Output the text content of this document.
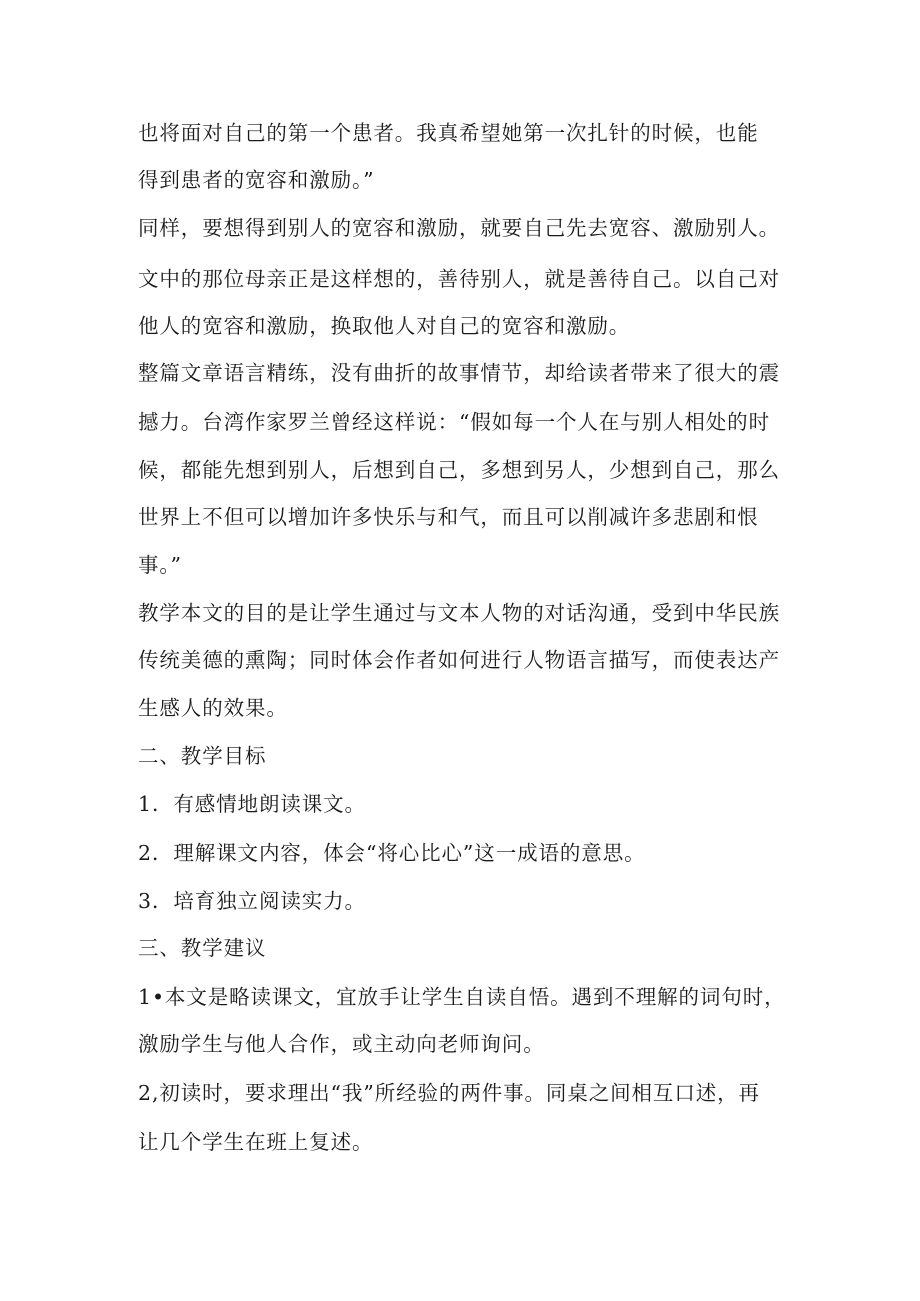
也将面对自己的第一个患者。我真希望她第一次扎针的时候，也能
得到患者的宽容和激励。”
同样，要想得到别人的宽容和激励，就要自己先去宽容、激励别人。
文中的那位母亲正是这样想的，善待别人，就是善待自己。以自己对
他人的宽容和激励，换取他人对自己的宽容和激励。
整篇文章语言精练，没有曲折的故事情节，却给读者带来了很大的震
撼力。台湾作家罗兰曾经这样说：“假如每一个人在与别人相处的时
候，都能先想到别人，后想到自己，多想到另人，少想到自己，那么
世界上不但可以增加许多快乐与和气，而且可以削减许多悲剧和恨
事。”
教学本文的目的是让学生通过与文本人物的对话沟通，受到中华民族
传统美德的熏陶；同时体会作者如何进行人物语言描写，而使表达产
生感人的效果。
二、教学目标
1．有感情地朗读课文。
2．理解课文内容，体会“将心比心”这一成语的意思。
3．培育独立阅读实力。
三、教学建议
1•本文是略读课文，宜放手让学生自读自悟。遇到不理解的词句时，
激励学生与他人合作，或主动向老师询问。
2,初读时，要求理出“我”所经验的两件事。同桌之间相互口述，再
让几个学生在班上复述。
